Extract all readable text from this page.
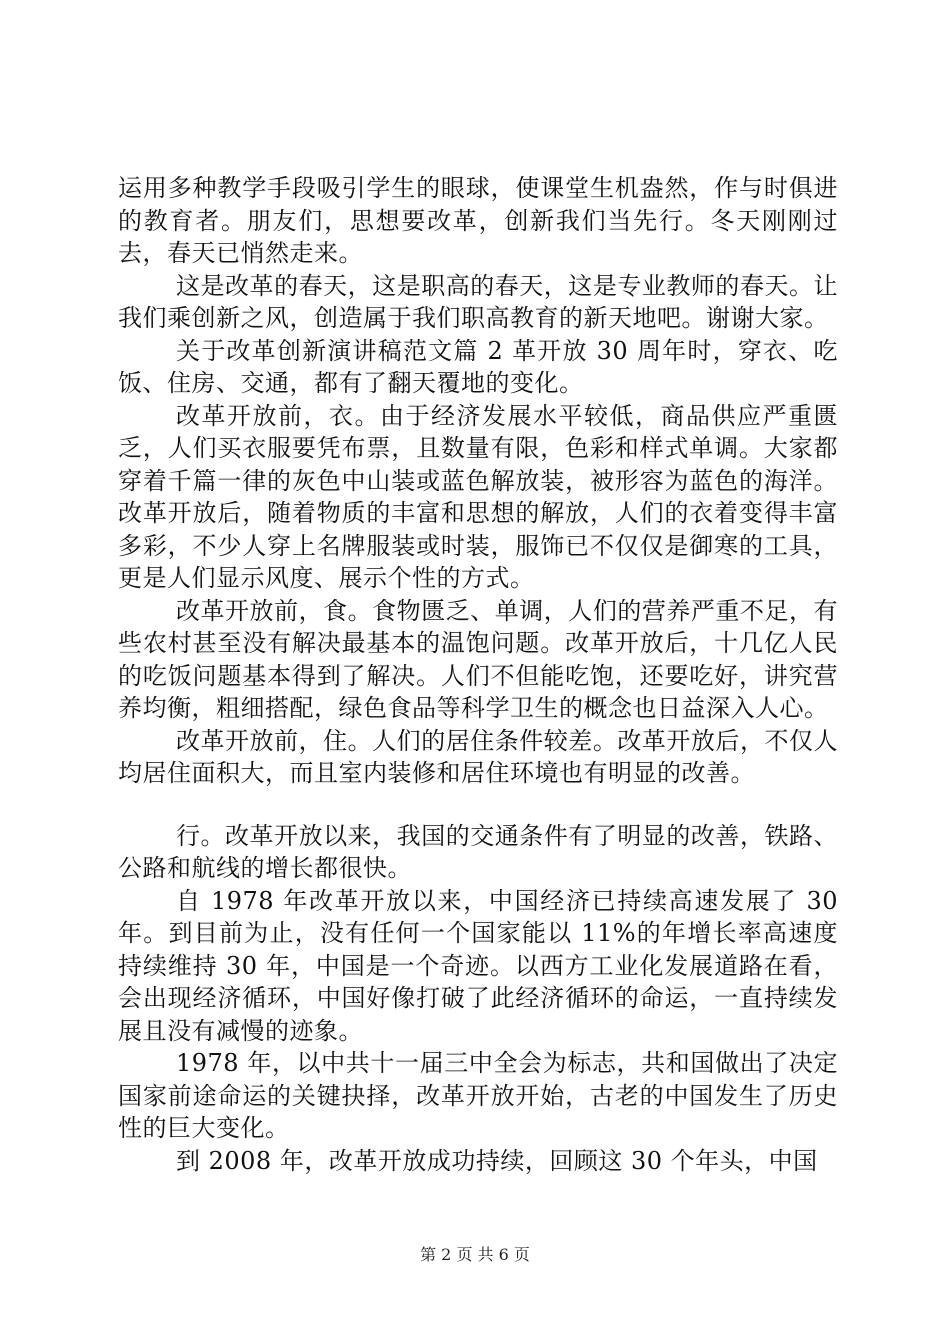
运用多种教学手段吸引学生的眼球，使课堂生机盎然，作与时俱进的教育者。朋友们，思想要改革，创新我们当先行。冬天刚刚过去，春天已悄然走来。

这是改革的春天，这是职高的春天，这是专业教师的春天。让我们乘创新之风，创造属于我们职高教育的新天地吧。谢谢大家。

关于改革创新演讲稿范文篇 2 革开放 30 周年时，穿衣、吃饭、住房、交通，都有了翻天覆地的变化。

改革开放前，衣。由于经济发展水平较低，商品供应严重匮乏，人们买衣服要凭布票，且数量有限，色彩和样式单调。大家都穿着千篇一律的灰色中山装或蓝色解放装，被形容为蓝色的海洋。改革开放后，随着物质的丰富和思想的解放，人们的衣着变得丰富多彩，不少人穿上名牌服装或时装，服饰已不仅仅是御寒的工具，更是人们显示风度、展示个性的方式。

改革开放前，食。食物匮乏、单调，人们的营养严重不足，有些农村甚至没有解决最基本的温饱问题。改革开放后，十几亿人民的吃饭问题基本得到了解决。人们不但能吃饱，还要吃好，讲究营养均衡，粗细搭配，绿色食品等科学卫生的概念也日益深入人心。

改革开放前，住。人们的居住条件较差。改革开放后，不仅人均居住面积大，而且室内装修和居住环境也有明显的改善。

行。改革开放以来，我国的交通条件有了明显的改善，铁路、公路和航线的增长都很快。

自 1978 年改革开放以来，中国经济已持续高速发展了 30 年。到目前为止，没有任何一个国家能以 11%的年增长率高速度持续维持 30 年，中国是一个奇迹。以西方工业化发展道路在看，会出现经济循环，中国好像打破了此经济循环的命运，一直持续发展且没有减慢的迹象。

1978 年，以中共十一届三中全会为标志，共和国做出了决定国家前途命运的关键抉择，改革开放开始，古老的中国发生了历史性的巨大变化。

到 2008 年，改革开放成功持续，回顾这 30 个年头，中国

第 2 页 共 6 页
